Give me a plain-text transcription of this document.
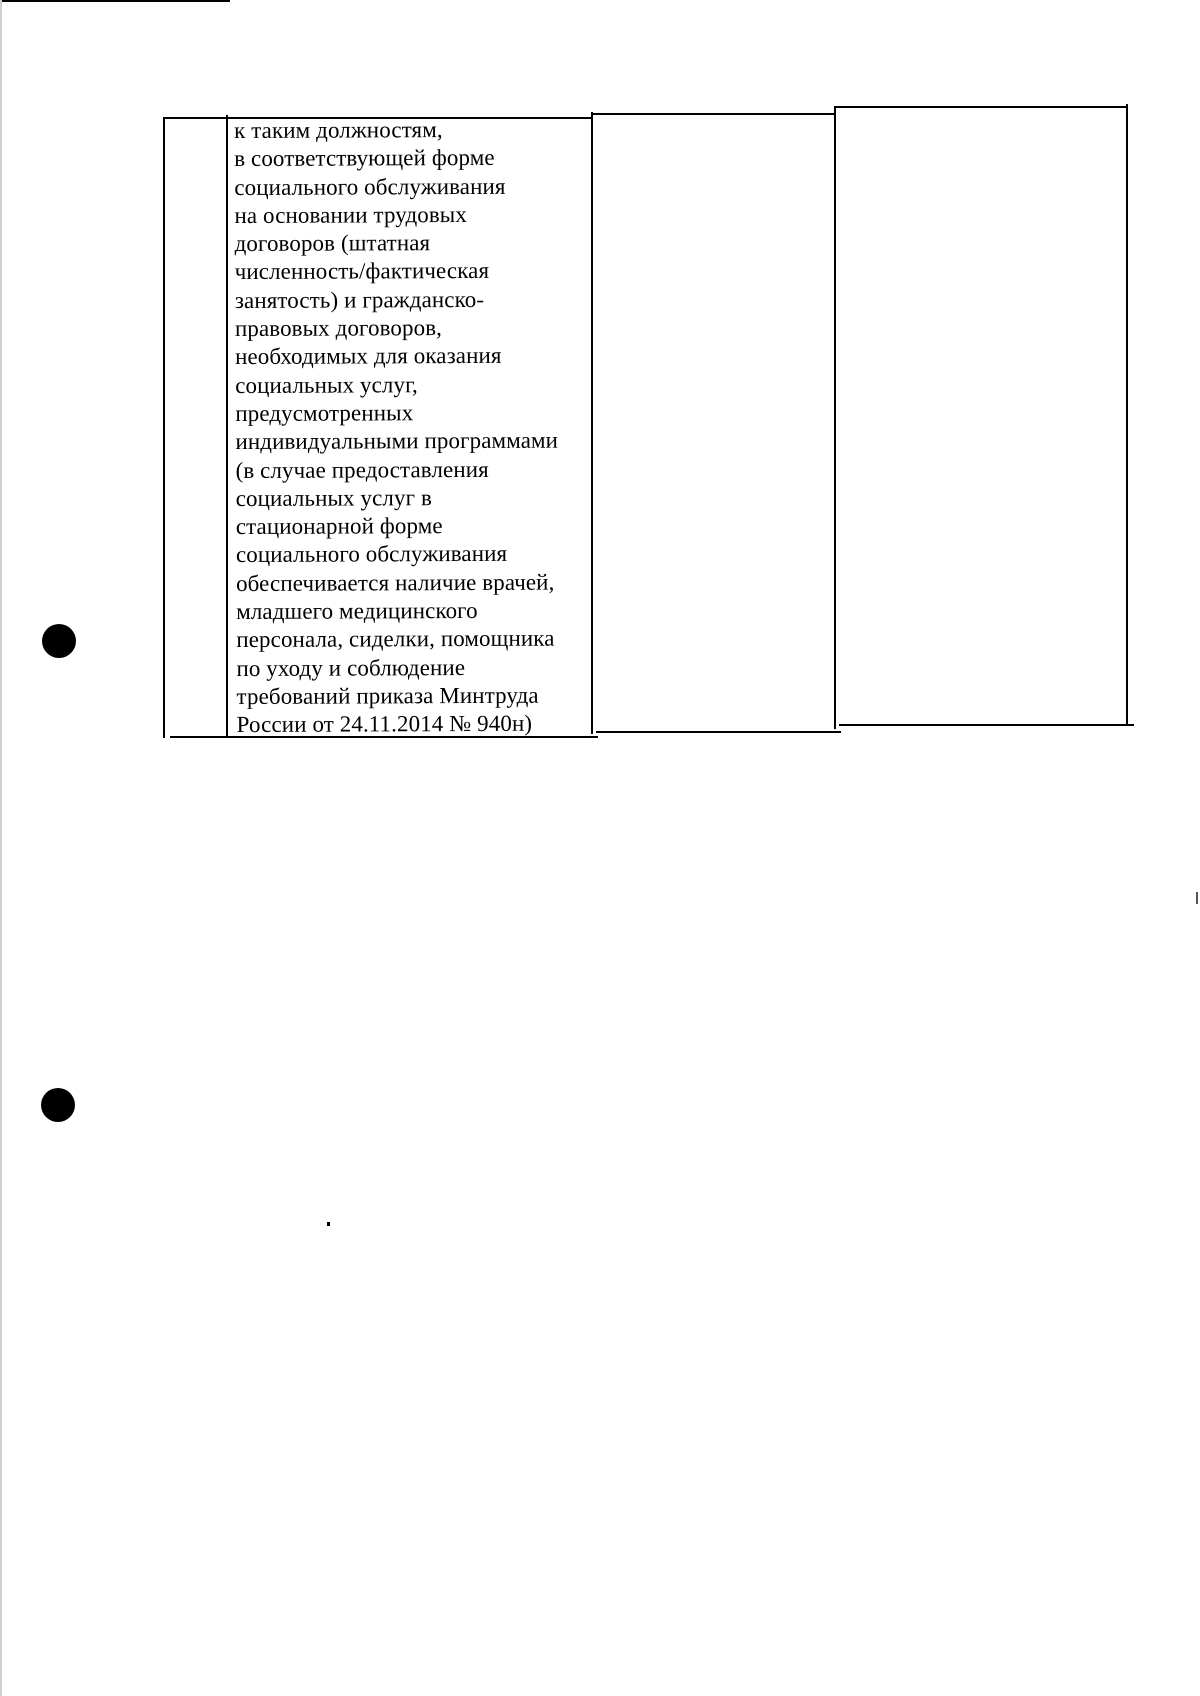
к таким должностям,
в соответствующей форме
социального обслуживания
на основании трудовых
договоров (штатная
численность/фактическая
занятость) и гражданско-
правовых договоров,
необходимых для оказания
социальных услуг,
предусмотренных
индивидуальными программами
(в случае предоставления
социальных услуг в
стационарной форме
социального обслуживания
обеспечивается наличие врачей,
младшего медицинского
персонала, сиделки, помощника
по уходу и соблюдение
требований приказа Минтруда
России от 24.11.2014 № 940н)
